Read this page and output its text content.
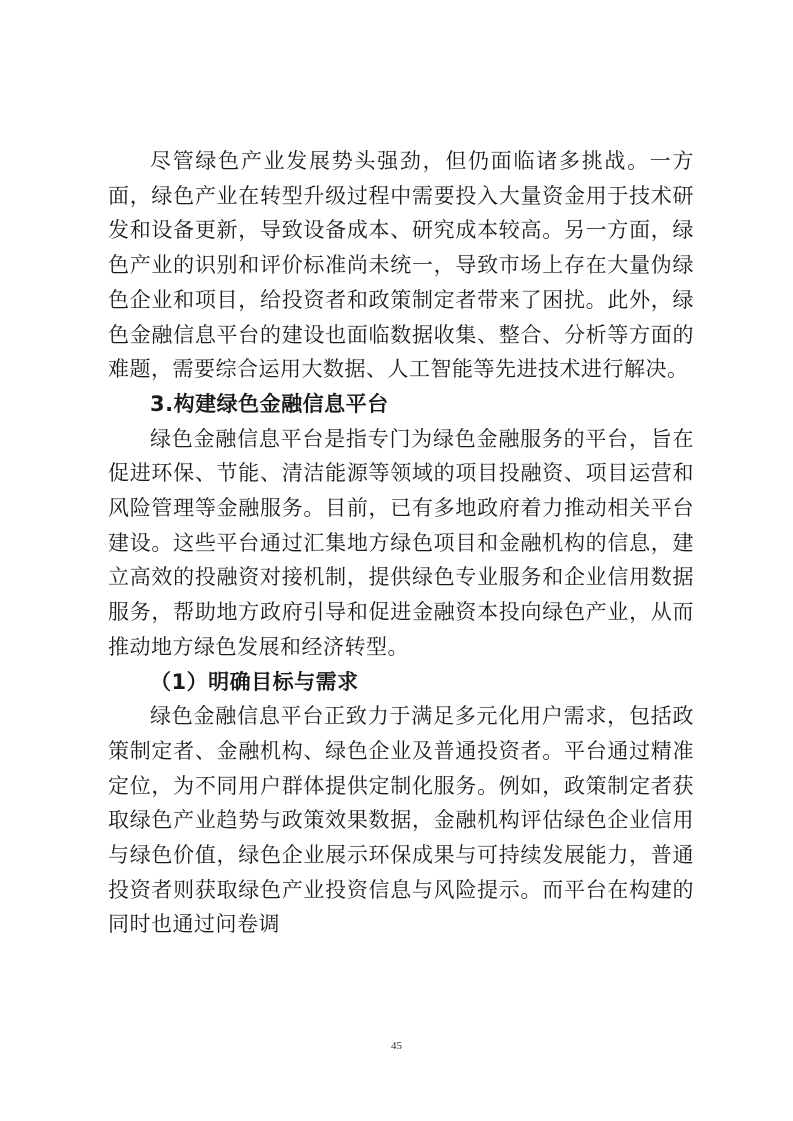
尽管绿色产业发展势头强劲，但仍面临诸多挑战。一方面，绿色产业在转型升级过程中需要投入大量资金用于技术研发和设备更新，导致设备成本、研究成本较高。另一方面，绿色产业的识别和评价标准尚未统一，导致市场上存在大量伪绿色企业和项目，给投资者和政策制定者带来了困扰。此外，绿色金融信息平台的建设也面临数据收集、整合、分析等方面的难题，需要综合运用大数据、人工智能等先进技术进行解决。

3.构建绿色金融信息平台

绿色金融信息平台是指专门为绿色金融服务的平台，旨在促进环保、节能、清洁能源等领域的项目投融资、项目运营和风险管理等金融服务。目前，已有多地政府着力推动相关平台建设。这些平台通过汇集地方绿色项目和金融机构的信息，建立高效的投融资对接机制，提供绿色专业服务和企业信用数据服务，帮助地方政府引导和促进金融资本投向绿色产业，从而推动地方绿色发展和经济转型。

（1）明确目标与需求

绿色金融信息平台正致力于满足多元化用户需求，包括政策制定者、金融机构、绿色企业及普通投资者。平台通过精准定位，为不同用户群体提供定制化服务。例如，政策制定者获取绿色产业趋势与政策效果数据，金融机构评估绿色企业信用与绿色价值，绿色企业展示环保成果与可持续发展能力，普通投资者则获取绿色产业投资信息与风险提示。而平台在构建的同时也通过问卷调

45
